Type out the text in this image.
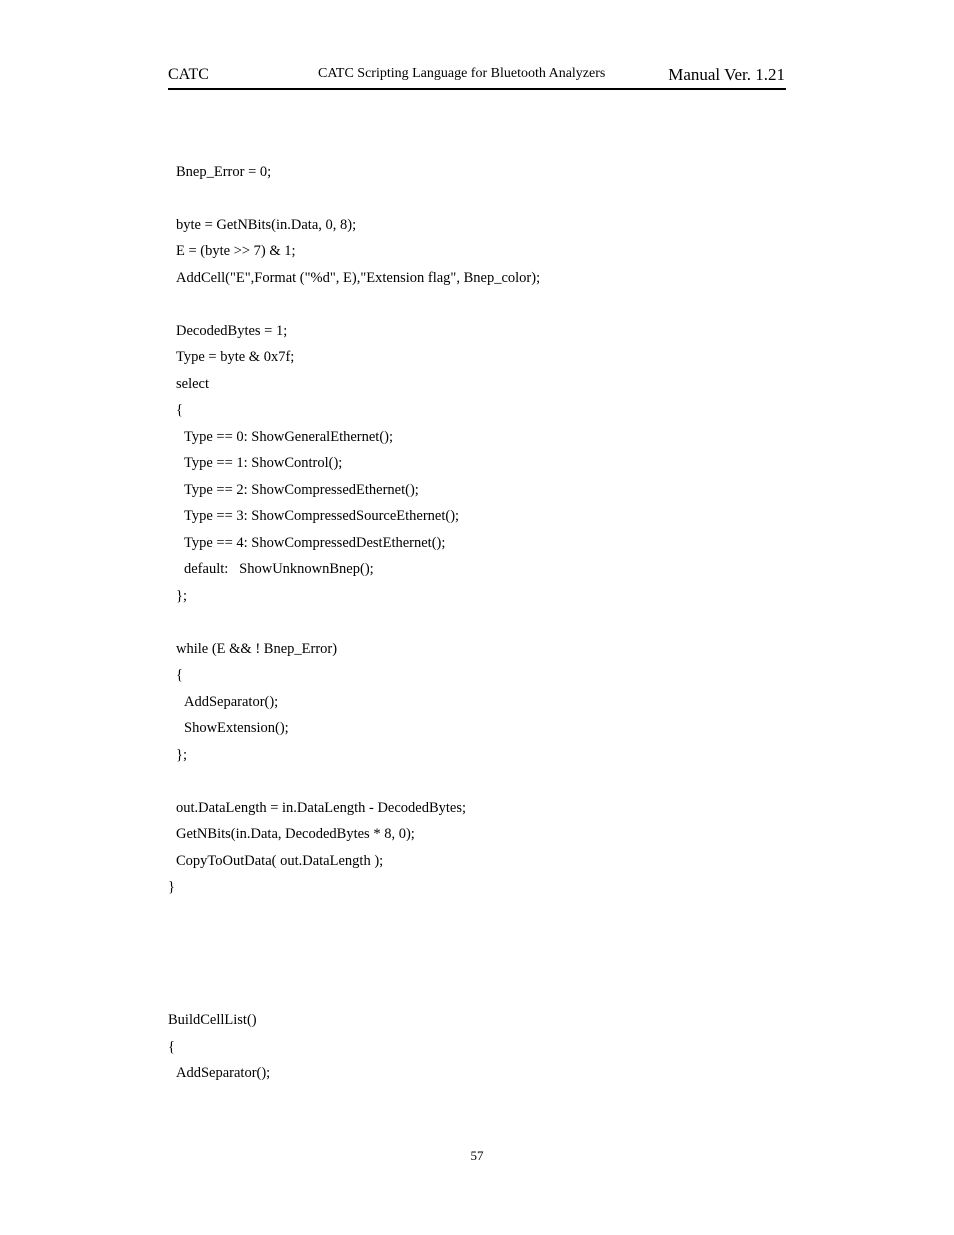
CATC	CATC Scripting Language for Bluetooth Analyzers	Manual Ver. 1.21
Bnep_Error = 0;
byte = GetNBits(in.Data, 0, 8);
E = (byte >> 7) & 1;
AddCell("E",Format ("%d", E),"Extension flag", Bnep_color);
DecodedBytes = 1;
Type = byte & 0x7f;
select
{
Type == 0: ShowGeneralEthernet();
Type == 1: ShowControl();
Type == 2: ShowCompressedEthernet();
Type == 3: ShowCompressedSourceEthernet();
Type == 4: ShowCompressedDestEthernet();
default:   ShowUnknownBnep();
};
while (E && ! Bnep_Error)
{
AddSeparator();
ShowExtension();
};
out.DataLength = in.DataLength - DecodedBytes;
GetNBits(in.Data, DecodedBytes * 8, 0);
CopyToOutData( out.DataLength );
}
BuildCellList()
{
AddSeparator();
57
